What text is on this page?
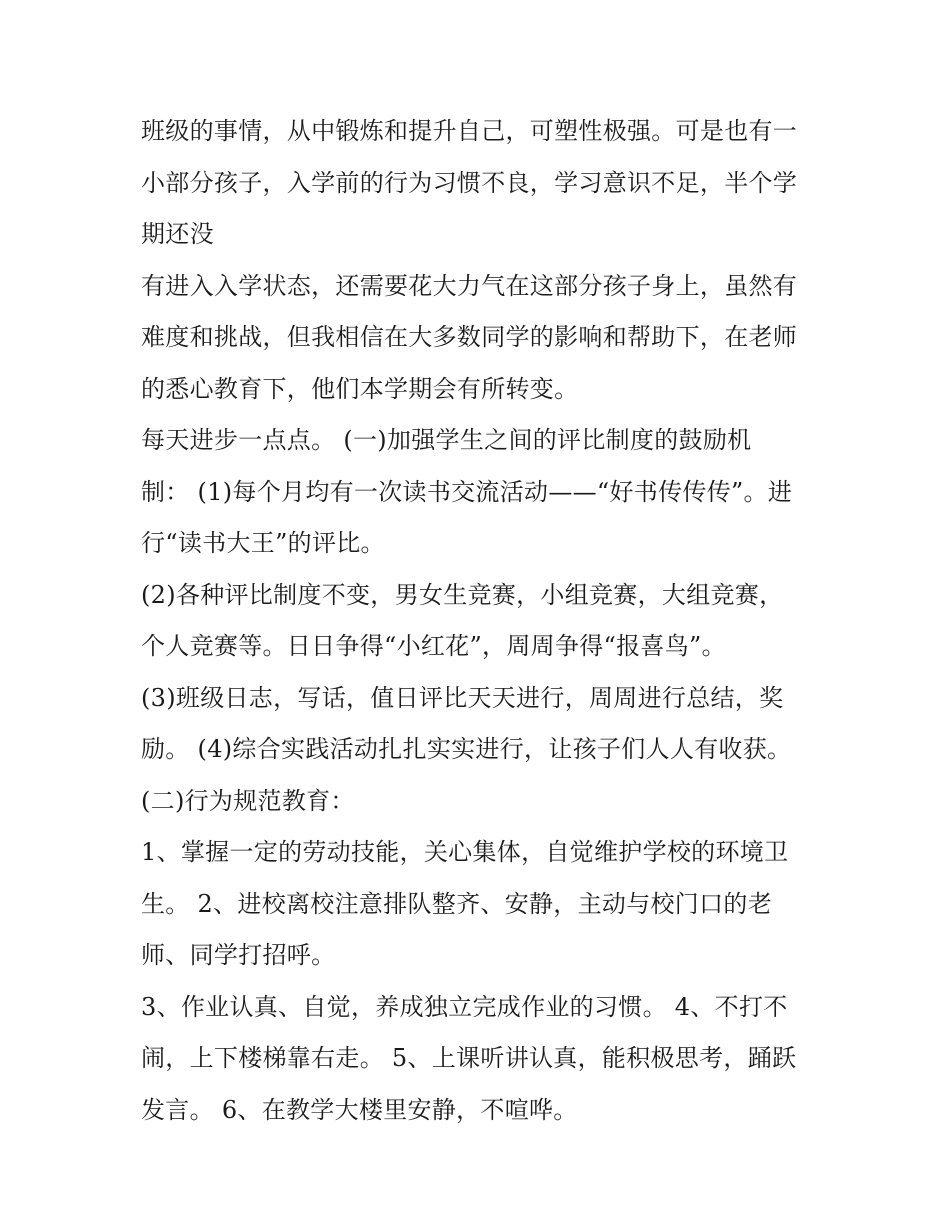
班级的事情，从中锻炼和提升自己，可塑性极强。可是也有一
小部分孩子，入学前的行为习惯不良，学习意识不足，半个学
期还没
有进入入学状态，还需要花大力气在这部分孩子身上，虽然有
难度和挑战，但我相信在大多数同学的影响和帮助下，在老师
的悉心教育下，他们本学期会有所转变。
每天进步一点点。 (一)加强学生之间的评比制度的鼓励机
制： (1)每个月均有一次读书交流活动——“好书传传传”。进
行“读书大王”的评比。
(2)各种评比制度不变，男女生竞赛，小组竞赛，大组竞赛，
个人竞赛等。日日争得“小红花”，周周争得“报喜鸟”。
(3)班级日志，写话，值日评比天天进行，周周进行总结，奖
励。 (4)综合实践活动扎扎实实进行，让孩子们人人有收获。
(二)行为规范教育：
1、掌握一定的劳动技能，关心集体，自觉维护学校的环境卫
生。 2、进校离校注意排队整齐、安静，主动与校门口的老
师、同学打招呼。
3、作业认真、自觉，养成独立完成作业的习惯。 4、不打不
闹，上下楼梯靠右走。 5、上课听讲认真，能积极思考，踊跃
发言。 6、在教学大楼里安静，不喧哗。
